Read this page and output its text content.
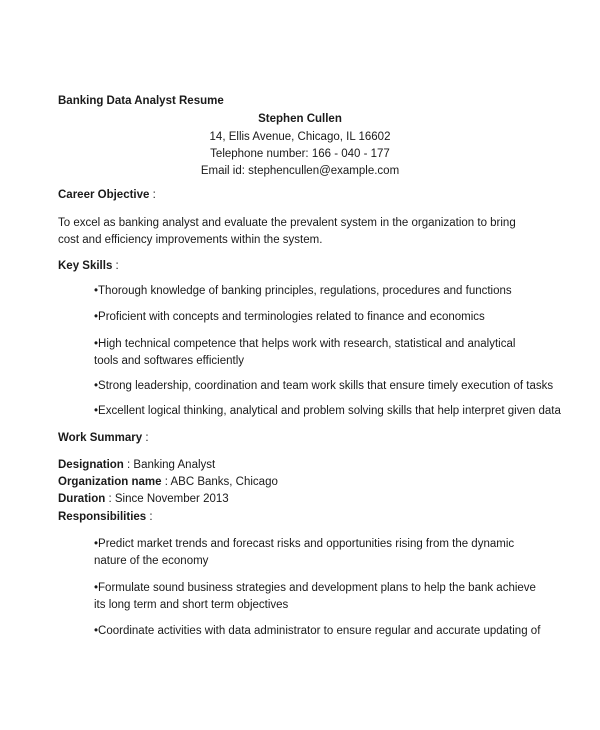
Banking Data Analyst Resume
Stephen Cullen
14, Ellis Avenue, Chicago, IL 16602
Telephone number: 166 - 040 - 177
Email id: stephencullen@example.com
Career Objective :
To excel as banking analyst and evaluate the prevalent system in the organization to bring cost and efficiency improvements within the system.
Key Skills :
•Thorough knowledge of banking principles, regulations, procedures and functions
•Proficient with concepts and terminologies related to finance and economics
•High technical competence that helps work with research, statistical and analytical tools and softwares efficiently
•Strong leadership, coordination and team work skills that ensure timely execution of tasks
•Excellent logical thinking, analytical and problem solving skills that help interpret given data
Work Summary :
Designation : Banking Analyst
Organization name : ABC Banks, Chicago
Duration : Since November 2013
Responsibilities :
•Predict market trends and forecast risks and opportunities rising from the dynamic nature of the economy
•Formulate sound business strategies and development plans to help the bank achieve its long term and short term objectives
•Coordinate activities with data administrator to ensure regular and accurate updating of
